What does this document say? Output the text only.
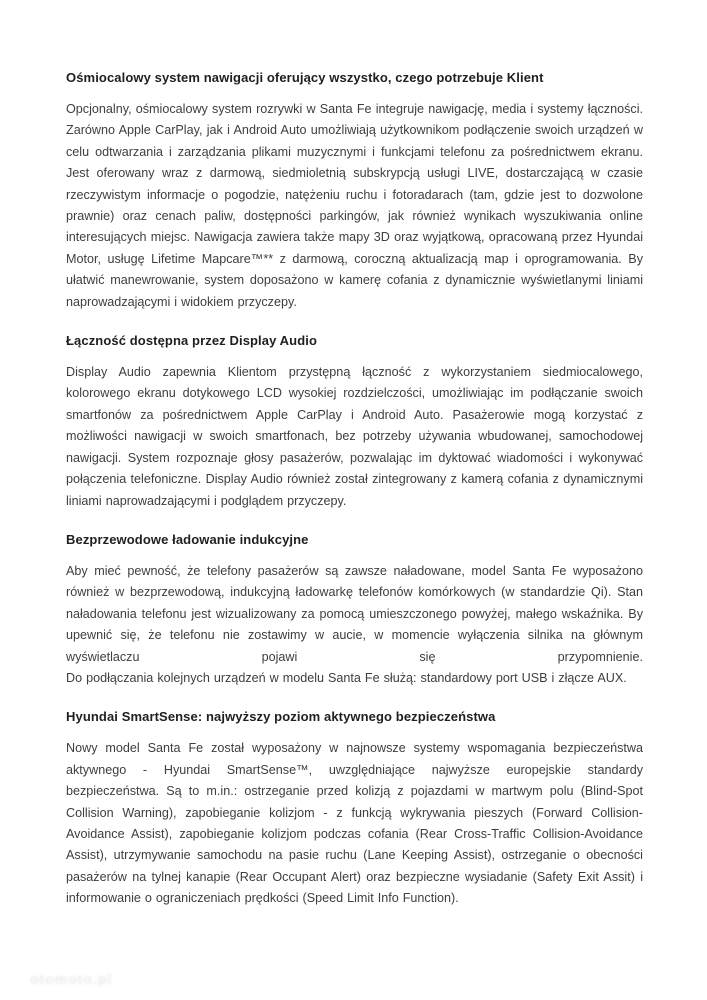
Ośmiocalowy system nawigacji oferujący wszystko, czego potrzebuje Klient

Opcjonalny, ośmiocalowy system rozrywki w Santa Fe integruje nawigację, media i systemy łączności. Zarówno Apple CarPlay, jak i Android Auto umożliwiają użytkownikom podłączenie swoich urządzeń w celu odtwarzania i zarządzania plikami muzycznymi i funkcjami telefonu za pośrednictwem ekranu. Jest oferowany wraz z darmową, siedmioletnią subskrypcją usługi LIVE, dostarczającą w czasie rzeczywistym informacje o pogodzie, natężeniu ruchu i fotoradarach (tam, gdzie jest to dozwolone prawnie) oraz cenach paliw, dostępności parkingów, jak również wynikach wyszukiwania online interesujących miejsc. Nawigacja zawiera także mapy 3D oraz wyjątkową, opracowaną przez Hyundai Motor, usługę Lifetime Mapcare™** z darmową, coroczną aktualizacją map i oprogramowania. By ułatwić manewrowanie, system doposażono w kamerę cofania z dynamicznie wyświetlanymi liniami naprowadzającymi i widokiem przyczepy.

Łączność dostępna przez Display Audio

Display Audio zapewnia Klientom przystępną łączność z wykorzystaniem siedmiocalowego, kolorowego ekranu dotykowego LCD wysokiej rozdzielczości, umożliwiając im podłączanie swoich smartfonów za pośrednictwem Apple CarPlay i Android Auto. Pasażerowie mogą korzystać z możliwości nawigacji w swoich smartfonach, bez potrzeby używania wbudowanej, samochodowej nawigacji. System rozpoznaje głosy pasażerów, pozwalając im dyktować wiadomości i wykonywać połączenia telefoniczne. Display Audio również został zintegrowany z kamerą cofania z dynamicznymi liniami naprowadzającymi i podglądem przyczepy.

Bezprzewodowe ładowanie indukcyjne

Aby mieć pewność, że telefony pasażerów są zawsze naładowane, model Santa Fe wyposażono również w bezprzewodową, indukcyjną ładowarkę telefonów komórkowych (w standardzie Qi). Stan naładowania telefonu jest wizualizowany za pomocą umieszczonego powyżej, małego wskaźnika. By upewnić się, że telefonu nie zostawimy w aucie, w momencie wyłączenia silnika na głównym

wyświetlaczu	pojawi	się	przypomnienie.

Do podłączania kolejnych urządzeń w modelu Santa Fe służą: standardowy port USB i złącze AUX.

Hyundai SmartSense: najwyższy poziom aktywnego bezpieczeństwa

Nowy model Santa Fe został wyposażony w najnowsze systemy wspomagania bezpieczeństwa aktywnego - Hyundai SmartSense™, uwzględniające najwyższe europejskie standardy bezpieczeństwa. Są to m.in.: ostrzeganie przed kolizją z pojazdami w martwym polu (Blind-Spot Collision Warning), zapobieganie kolizjom - z funkcją wykrywania pieszych (Forward Collision-Avoidance Assist), zapobieganie kolizjom podczas cofania (Rear Cross-Traffic Collision-Avoidance Assist), utrzymywanie samochodu na pasie ruchu (Lane Keeping Assist), ostrzeganie o obecności pasażerów na tylnej kanapie (Rear Occupant Alert) oraz bezpieczne wysiadanie (Safety Exit Assit) i informowanie o ograniczeniach prędkości (Speed Limit Info Function).

otomoto.pl
